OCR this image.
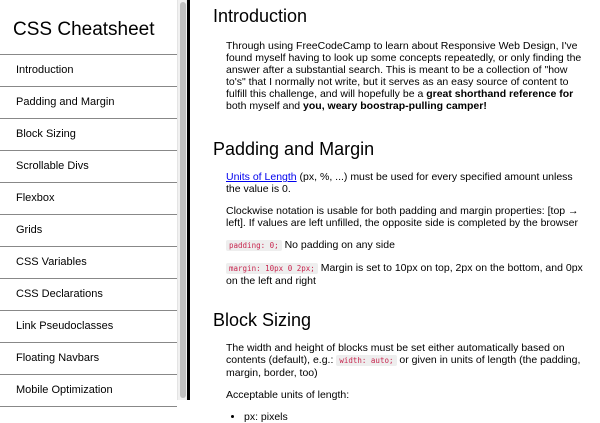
CSS Cheatsheet
Introduction
Padding and Margin
Block Sizing
Scrollable Divs
Flexbox
Grids
CSS Variables
CSS Declarations
Link Pseudoclasses
Floating Navbars
Mobile Optimization
Introduction

Through using FreeCodeCamp to learn about Responsive Web Design, I've found myself having to look up some concepts repeatedly, or only finding the answer after a substantial search. This is meant to be a collection of "how to's" that I normally not write, but it serves as an easy source of content to fulfill this challenge, and will hopefully be a great shorthand reference for both myself and you, weary boostrap-pulling camper!

Padding and Margin

Units of Length (px, %, ...) must be used for every specified amount unless the value is 0.

Clockwise notation is usable for both padding and margin properties: [top → left]. If values are left unfilled, the opposite side is completed by the browser

padding: 0; No padding on any side

margin: 10px 0 2px; Margin is set to 10px on top, 2px on the bottom, and 0px on the left and right

Block Sizing

The width and height of blocks must be set either automatically based on contents (default), e.g.: width: auto; or given in units of length (the padding, margin, border, too)

Acceptable units of length:

• px: pixels
